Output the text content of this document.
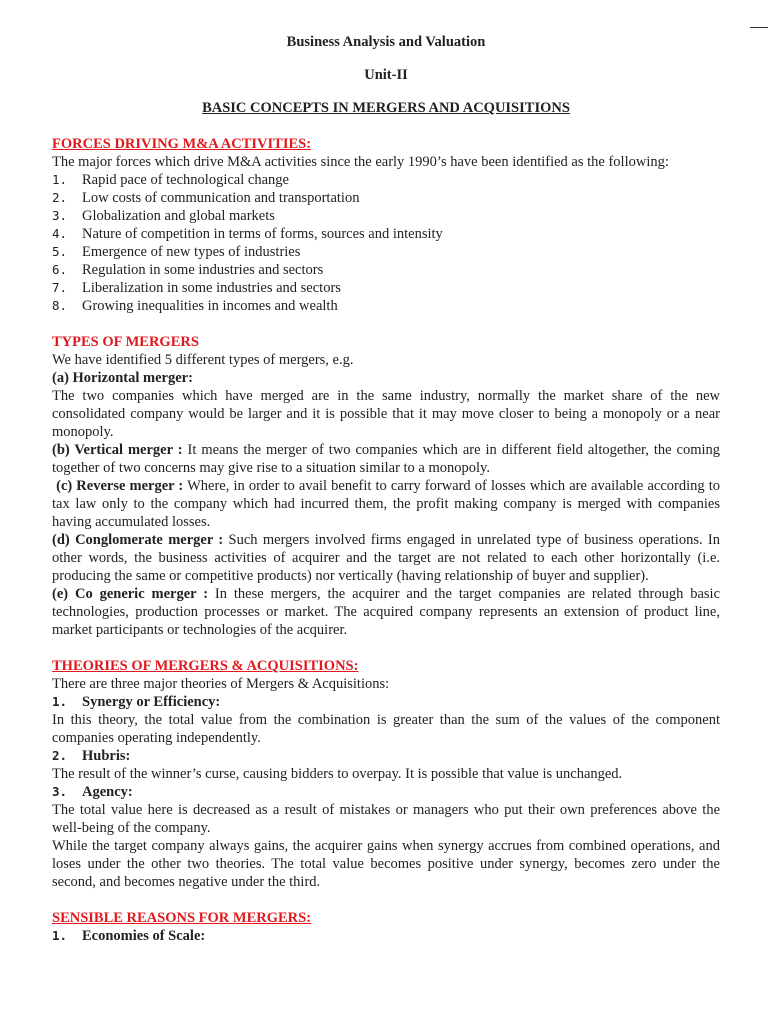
Business Analysis and Valuation
Unit-II
BASIC CONCEPTS IN MERGERS AND ACQUISITIONS
FORCES DRIVING M&A ACTIVITIES:

The major forces which drive M&A activities since the early 1990’s have been identified as the following:

1.	Rapid pace of technological change
2.	Low costs of communication and transportation
3.	Globalization and global markets
4.	Nature of competition in terms of forms, sources and intensity
5.	Emergence of new types of industries
6.	Regulation in some industries and sectors
7.	Liberalization in some industries and sectors
8.	Growing inequalities in incomes and wealth
TYPES OF MERGERS

We have identified 5 different types of mergers, e.g.

(a) Horizontal merger:

The two companies which have merged are in the same industry, normally the market share of the new consolidated company would be larger and it is possible that it may move closer to being a monopoly or a near monopoly.

(b) Vertical merger : It means the merger of two companies which are in different field altogether, the coming together of two concerns may give rise to a situation similar to a monopoly.

(c) Reverse merger : Where, in order to avail benefit to carry forward of losses which are available according to tax law only to the company which had incurred them, the profit making company is merged with companies having accumulated losses.

(d) Conglomerate merger : Such mergers involved firms engaged in unrelated type of business operations. In other words, the business activities of acquirer and the target are not related to each other horizontally (i.e. producing the same or competitive products) nor vertically (having relationship of buyer and supplier).

(e) Co generic merger : In these mergers, the acquirer and the target companies are related through basic technologies, production processes or market. The acquired company represents an extension of product line, market participants or technologies of the acquirer.

THEORIES OF MERGERS & ACQUISITIONS:

There are three major theories of Mergers & Acquisitions:

1.	Synergy or Efficiency:

In this theory, the total value from the combination is greater than the sum of the values of the component companies operating independently.

2.	Hubris:

The result of the winner’s curse, causing bidders to overpay. It is possible that value is unchanged.

3.	Agency:

The total value here is decreased as a result of mistakes or managers who put their own preferences above the well-being of the company.

While the target company always gains, the acquirer gains when synergy accrues from combined operations, and loses under the other two theories. The total value becomes positive under synergy, becomes zero under the second, and becomes negative under the third.

SENSIBLE REASONS FOR MERGERS:
1.	Economies of Scale:
